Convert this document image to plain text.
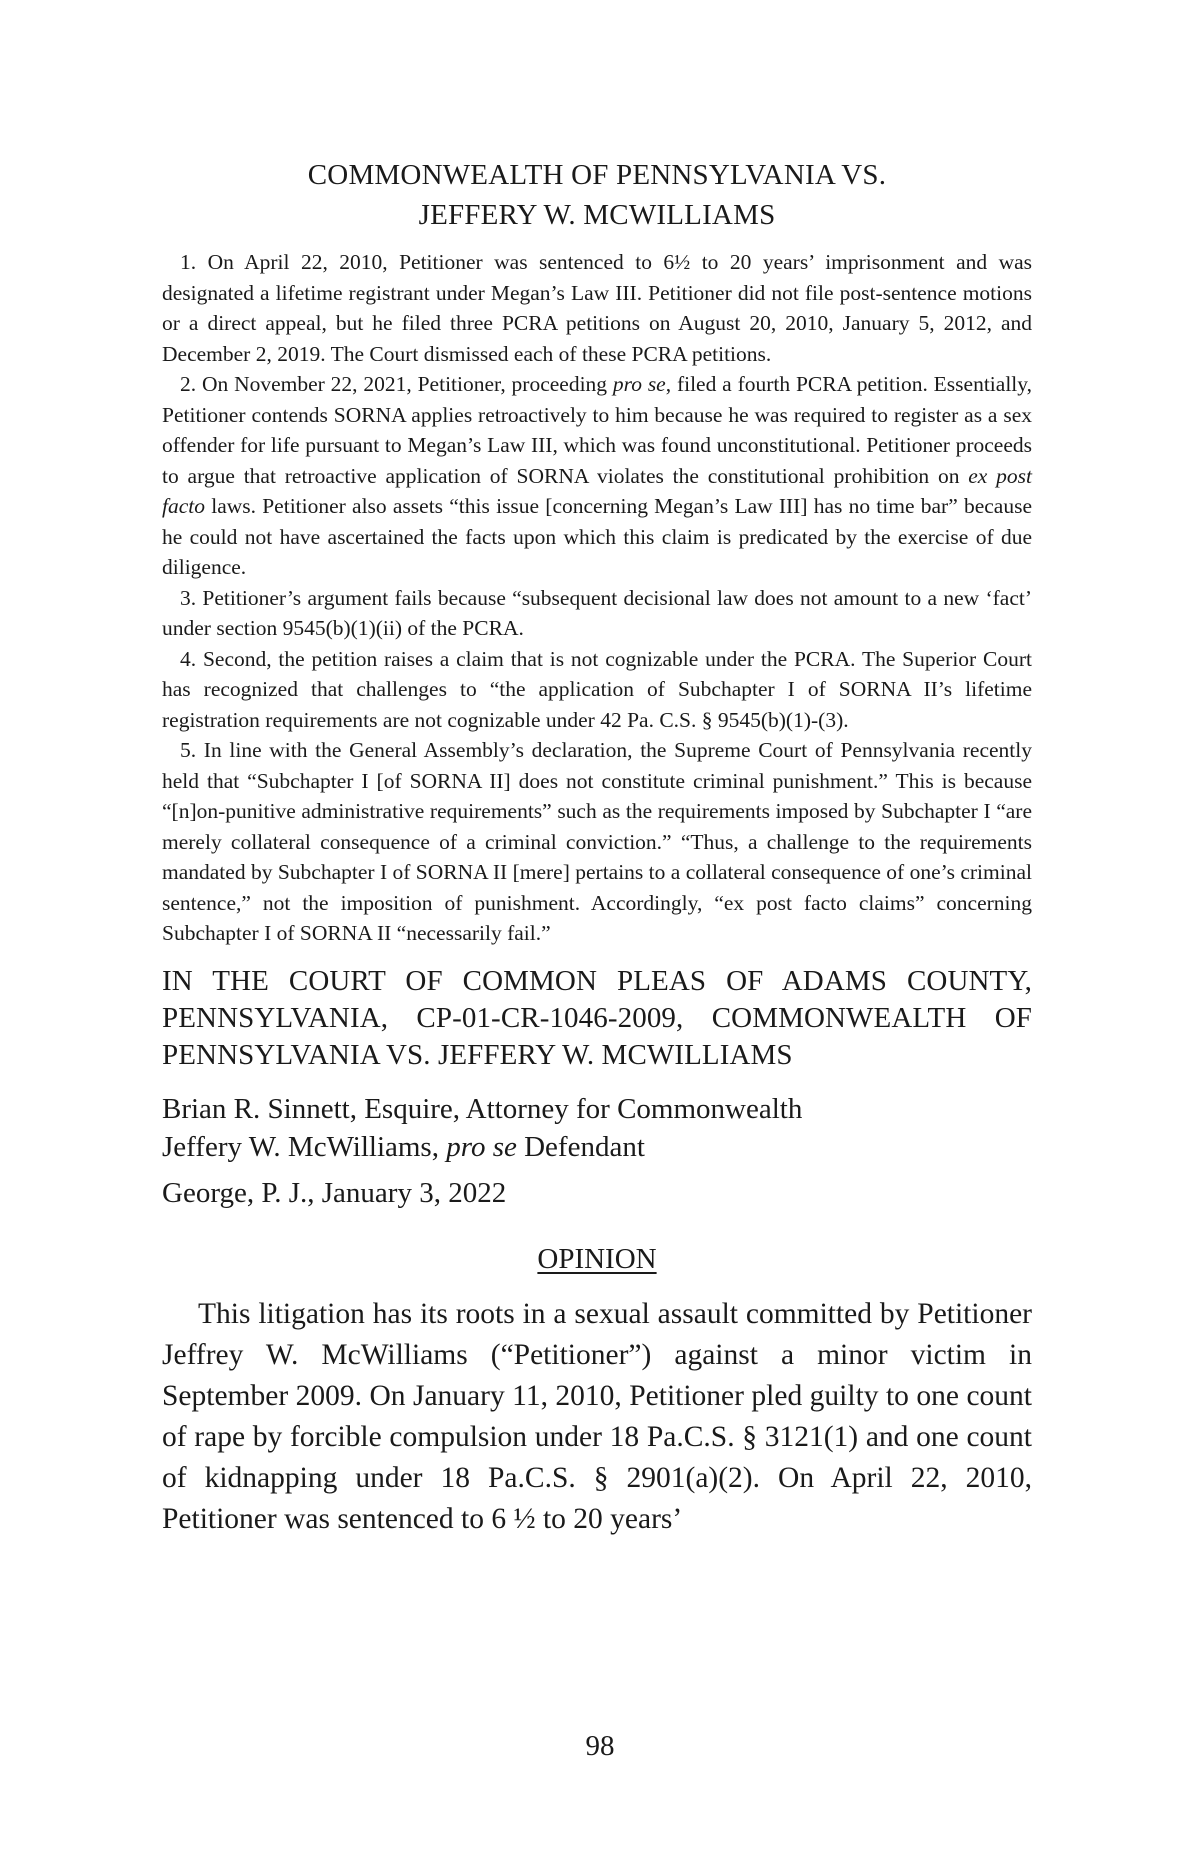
COMMONWEALTH OF PENNSYLVANIA VS.
JEFFERY W. MCWILLIAMS

1. On April 22, 2010, Petitioner was sentenced to 6½ to 20 years’ imprisonment and was designated a lifetime registrant under Megan’s Law III. Petitioner did not file post-sentence motions or a direct appeal, but he filed three PCRA petitions on August 20, 2010, January 5, 2012, and December 2, 2019. The Court dismissed each of these PCRA petitions.

2. On November 22, 2021, Petitioner, proceeding pro se, filed a fourth PCRA petition. Essentially, Petitioner contends SORNA applies retroactively to him because he was required to register as a sex offender for life pursuant to Megan’s Law III, which was found unconstitutional. Petitioner proceeds to argue that retroactive application of SORNA violates the constitutional prohibition on ex post facto laws. Petitioner also assets “this issue [concerning Megan’s Law III] has no time bar” because he could not have ascertained the facts upon which this claim is predicated by the exercise of due diligence.

3. Petitioner’s argument fails because “subsequent decisional law does not amount to a new ‘fact’ under section 9545(b)(1)(ii) of the PCRA.

4. Second, the petition raises a claim that is not cognizable under the PCRA. The Superior Court has recognized that challenges to “the application of Subchapter I of SORNA II’s lifetime registration requirements are not cognizable under 42 Pa. C.S. § 9545(b)(1)-(3).

5. In line with the General Assembly’s declaration, the Supreme Court of Pennsylvania recently held that “Subchapter I [of SORNA II] does not constitute criminal punishment.” This is because “[n]on-punitive administrative requirements” such as the requirements imposed by Subchapter I “are merely collateral consequence of a criminal conviction.” “Thus, a challenge to the requirements mandated by Subchapter I of SORNA II [mere] pertains to a collateral consequence of one’s criminal sentence,” not the imposition of punishment. Accordingly, “ex post facto claims” concerning Subchapter I of SORNA II “necessarily fail.”

IN THE COURT OF COMMON PLEAS OF ADAMS COUNTY, PENNSYLVANIA, CP-01-CR-1046-2009, COMMONWEALTH OF PENNSYLVANIA VS. JEFFERY W. MCWILLIAMS
Brian R. Sinnett, Esquire, Attorney for Commonwealth
Jeffery W. McWilliams, pro se Defendant
George, P. J., January 3, 2022
OPINION

This litigation has its roots in a sexual assault committed by Petitioner Jeffrey W. McWilliams (“Petitioner”) against a minor victim in September 2009. On January 11, 2010, Petitioner pled guilty to one count of rape by forcible compulsion under 18 Pa.C.S. § 3121(1) and one count of kidnapping under 18 Pa.C.S. § 2901(a)(2). On April 22, 2010, Petitioner was sentenced to 6 ½ to 20 years’

98
